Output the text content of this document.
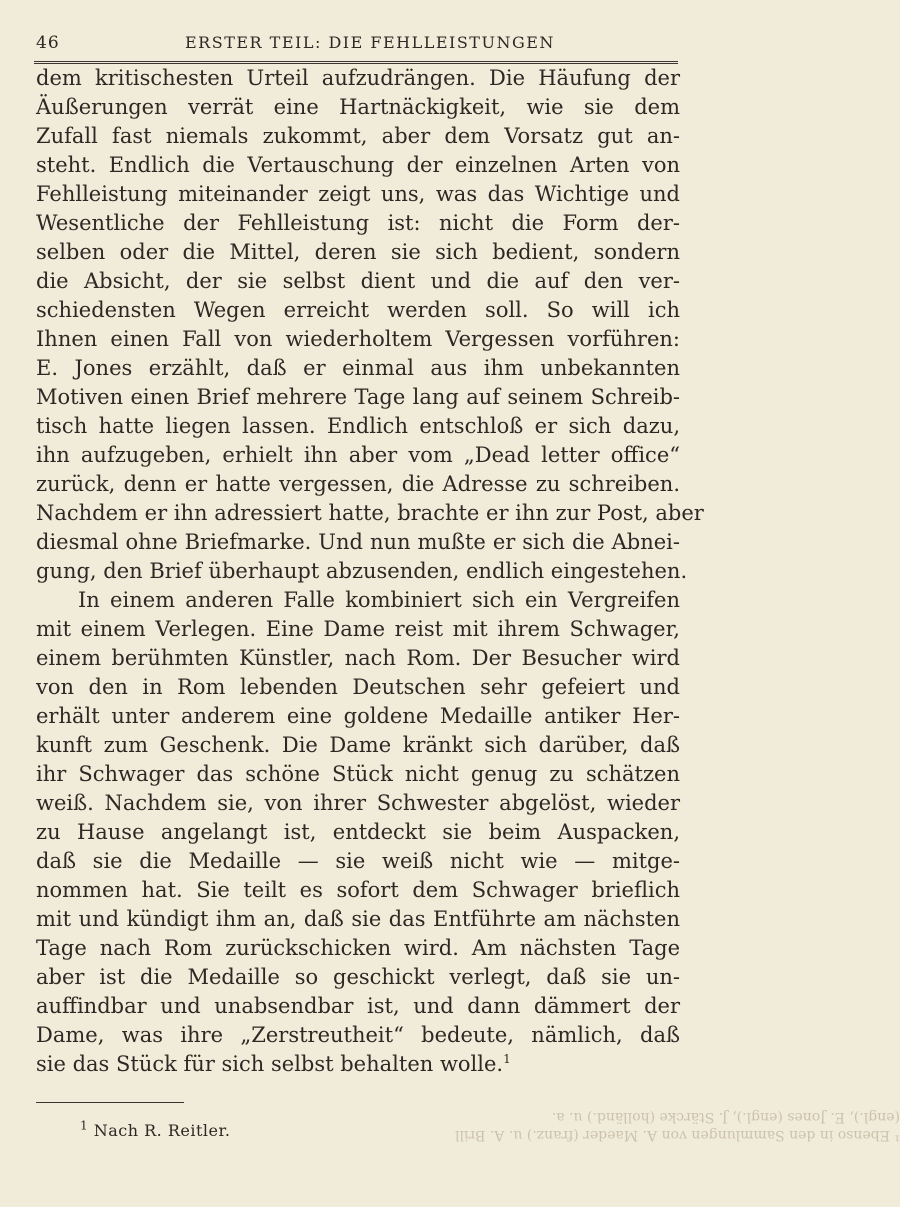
46	ERSTER TEIL: DIE FEHLLEISTUNGEN
dem kritischesten Urteil aufzudrängen. Die Häufung der
Äußerungen verrät eine Hartnäckigkeit, wie sie dem
Zufall fast niemals zukommt, aber dem Vorsatz gut an-
steht. Endlich die Vertauschung der einzelnen Arten von
Fehlleistung miteinander zeigt uns, was das Wichtige und
Wesentliche der Fehlleistung ist: nicht die Form der-
selben oder die Mittel, deren sie sich bedient, sondern
die Absicht, der sie selbst dient und die auf den ver-
schiedensten Wegen erreicht werden soll. So will ich
Ihnen einen Fall von wiederholtem Vergessen vorführen:
E. Jones erzählt, daß er einmal aus ihm unbekannten
Motiven einen Brief mehrere Tage lang auf seinem Schreib-
tisch hatte liegen lassen. Endlich entschloß er sich dazu,
ihn aufzugeben, erhielt ihn aber vom „Dead letter office“
zurück, denn er hatte vergessen, die Adresse zu schreiben.
Nachdem er ihn adressiert hatte, brachte er ihn zur Post, aber
diesmal ohne Briefmarke. Und nun mußte er sich die Abnei-
gung, den Brief überhaupt abzusenden, endlich eingestehen.
In einem anderen Falle kombiniert sich ein Vergreifen
mit einem Verlegen. Eine Dame reist mit ihrem Schwager,
einem berühmten Künstler, nach Rom. Der Besucher wird
von den in Rom lebenden Deutschen sehr gefeiert und
erhält unter anderem eine goldene Medaille antiker Her-
kunft zum Geschenk. Die Dame kränkt sich darüber, daß
ihr Schwager das schöne Stück nicht genug zu schätzen
weiß. Nachdem sie, von ihrer Schwester abgelöst, wieder
zu Hause angelangt ist, entdeckt sie beim Auspacken,
daß sie die Medaille — sie weiß nicht wie — mitge-
nommen hat. Sie teilt es sofort dem Schwager brieflich
mit und kündigt ihm an, daß sie das Entführte am nächsten
Tage nach Rom zurückschicken wird. Am nächsten Tage
aber ist die Medaille so geschickt verlegt, daß sie un-
auffindbar und unabsendbar ist, und dann dämmert der
Dame, was ihre „Zerstreutheit“ bedeute, nämlich, daß
sie das Stück für sich selbst behalten wolle.$^1$
¹ Ebenso in den Sammlungen von A. Maeder (franz.) u. A. Brill
(engl.), E. Jones (engl.), J. Stärcke (holländ.) u. a.
$^1$ Nach R. Reitler.
